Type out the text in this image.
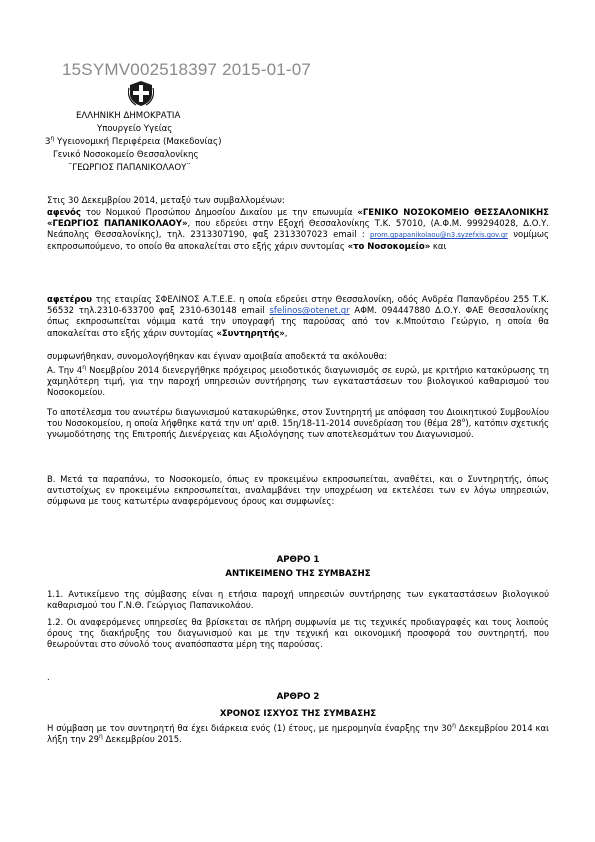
15SYMV002518397 2015-01-07
ΕΛΛΗΝΙΚΗ ΔΗΜΟΚΡΑΤΙΑ
Υπουργείο Υγείας
$3^\eta$ Υγειονομική Περιφέρεια (Μακεδονίας)
Γενικό Νοσοκομείο Θεσσαλονίκης
¨ΓΕΩΡΓΙΟΣ ΠΑΠΑΝΙΚΟΛΑΟΥ¨
Στις 30 Δεκεμβρίου 2014, μεταξύ των συμβαλλομένων:
αφενός του Νομικού Προσώπου Δημοσίου Δικαίου με την επωνυμία «ΓΕΝΙΚΟ ΝΟΣΟΚΟΜΕΙΟ ΘΕΣΣΑΛΟΝΙΚΗΣ «ΓΕΩΡΓΙΟΣ ΠΑΠΑΝΙΚΟΛΑΟΥ», που εδρεύει στην Εξοχή Θεσσαλονίκης Τ.Κ. 57010, (Α.Φ.Μ. 999294028, Δ.Ο.Υ. Νεάπολης Θεσσαλονίκης), τηλ. 2313307190, φαξ 2313307023 email : prom.gpapanikolaou@n3.syzefxis.gov.gr νομίμως εκπροσωπούμενο, το οποίο θα αποκαλείται στο εξής χάριν συντομίας «το Νοσοκομείο» και
αφετέρου της εταιρίας ΣΦΕΛΙΝΟΣ Α.Τ.Ε.Ε. η οποία εδρεύει στην Θεσσαλονίκη, οδός Ανδρέα Παπανδρέου 255 Τ.Κ. 56532 τηλ.2310-633700 φαξ 2310-630148 email sfelinos@otenet.gr ΑΦΜ. 094447880 Δ.Ο.Υ. ΦΑΕ Θεσσαλονίκης όπως εκπροσωπείται νόμιμα κατά την υπογραφή της παρούσας από τον κ.Μπούτσιο Γεώργιο, η οποία θα αποκαλείται στο εξής χάριν συντομίας «Συντηρητής»,
συμφωνήθηκαν, συνομολογήθηκαν και έγιναν αμοιβαία αποδεκτά τα ακόλουθα:
Α. Την $4^\eta$ Νοεμβρίου 2014 διενεργήθηκε πρόχειρος μειοδοτικός διαγωνισμός σε ευρώ, με κριτήριο κατακύρωσης τη χαμηλότερη τιμή, για την παροχή υπηρεσιών συντήρησης των εγκαταστάσεων του βιολογικού καθαρισμού του Νοσοκομείου.
Το αποτέλεσμα του ανωτέρω διαγωνισμού κατακυρώθηκε, στον Συντηρητή με απόφαση του Διοικητικού Συμβουλίου του Νοσοκομείου, η οποία λήφθηκε κατά την υπ' αριθ. 15η/18-11-2014 συνεδρίαση του (θέμα $28^o$), κατόπιν σχετικής γνωμοδότησης της Επιτροπής Διενέργειας και Αξιολόγησης των αποτελεσμάτων του Διαγωνισμού.
Β. Μετά τα παραπάνω, το Νοσοκομείο, όπως εν προκειμένω εκπροσωπείται, αναθέτει, και ο Συντηρητής, όπως αντιστοίχως εν προκειμένω εκπροσωπείται, αναλαμβάνει την υποχρέωση να εκτελέσει των εν λόγω υπηρεσιών, σύμφωνα με τους κατωτέρω αναφερόμενους όρους και συμφωνίες:
ΑΡΘΡΟ 1
ΑΝΤΙΚΕΙΜΕΝΟ ΤΗΣ ΣΥΜΒΑΣΗΣ
1.1. Αντικείμενο της σύμβασης είναι η ετήσια παροχή υπηρεσιών συντήρησης των εγκαταστάσεων βιολογικού καθαρισμού του Γ.Ν.Θ. Γεώργιος Παπανικολάου.
1.2. Οι αναφερόμενες υπηρεσίες θα βρίσκεται σε πλήρη συμφωνία με τις τεχνικές προδιαγραφές και τους λοιπούς όρους της διακήρυξης του διαγωνισμού και με την τεχνική και οικονομική προσφορά του συντηρητή, που θεωρούνται στο σύνολό τους αναπόσπαστα μέρη της παρούσας.
.
ΑΡΘΡΟ 2
ΧΡΟΝΟΣ ΙΣΧΥΟΣ ΤΗΣ ΣΥΜΒΑΣΗΣ
Η σύμβαση με τον συντηρητή θα έχει διάρκεια ενός (1) έτους, με ημερομηνία έναρξης την $30^\eta$ Δεκεμβρίου 2014 και λήξη την $29^\eta$ Δεκεμβρίου 2015.
